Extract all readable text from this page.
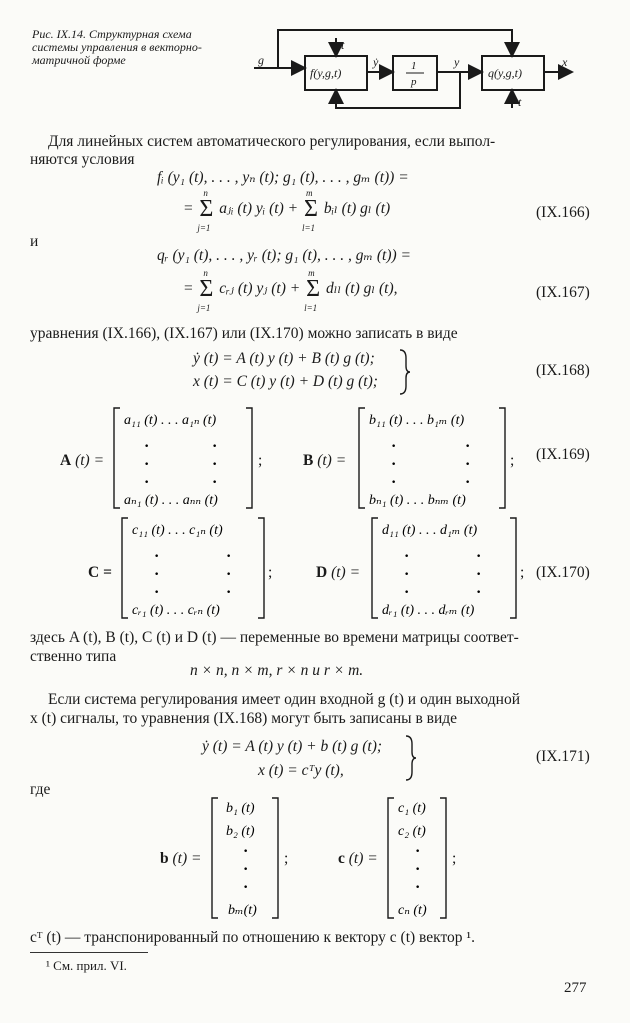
Рис. IX.14. Структурная схема
системы управления в векторно-
матричной форме
f(y,g,t)	1
p
q(y,g,t)
g	ẏ	y	x
t
t
Для линейных систем автоматического регулирования, если выпол-
няются условия
fᵢ (y₁ (t), . . . , yₙ (t); g₁ (t), . . . , gₘ (t)) =
=
n
Σ
j=1
aⱼᵢ (t) yᵢ (t) +
m
Σ
l=1
bᵢₗ (t) gₗ (t)	(IX.166)
и
qᵣ (y₁ (t), . . . , yᵣ (t); g₁ (t), . . . , gₘ (t)) =
=
n
Σ
j=1
cᵣⱼ (t) yⱼ (t) +
m
Σ
l=1
dₗₗ (t) gₗ (t),	(IX.167)
уравнения (IX.166), (IX.167) или (IX.170) можно записать в виде
ẏ (t) = A (t) y (t) + B (t) g (t);
x (t) = C (t) y (t) + D (t) g (t);
(IX.168)
A (t) =
a₁₁ (t) . . . a₁ₙ (t)
aₙ₁ (t) . . . aₙₙ (t)
·
·
·
·
·
·
;	B (t) =
b₁₁ (t) . . . b₁ₘ (t)
bₙ₁ (t) . . . bₙₘ (t)
·
·
·
·
·
·
; (IX.169)
C =
c₁₁ (t) . . . c₁ₙ (t)
cᵣ₁ (t) . . . cᵣₙ (t)
·
·
·
·
·
·
;	D (t) =
d₁₁ (t) . . . d₁ₘ (t)
dᵣ₁ (t) . . . dᵣₘ (t)
·
·
·
·
·
·
; (IX.170)
здесь A (t), B (t), C (t) и D (t) — переменные во времени матрицы соответ-
ственно типа
n × n, n × m, r × n и r × m.
Если система регулирования имеет один входной g (t) и один выходной
x (t) сигналы, то уравнения (IX.168) могут быть записаны в виде
ẏ (t) = A (t) y (t) + b (t) g (t);
x (t) = cᵀy (t),
(IX.171)
где
b (t) =
b₁ (t)
b₂ (t)
bₘ(t)
·
·
·
;	c (t) =
c₁ (t)
c₂ (t)
cₙ (t)
·
·
·
;
cᵀ (t) — транспонированный по отношению к вектору c (t) вектор ¹.
¹ См. прил. VI.
277
